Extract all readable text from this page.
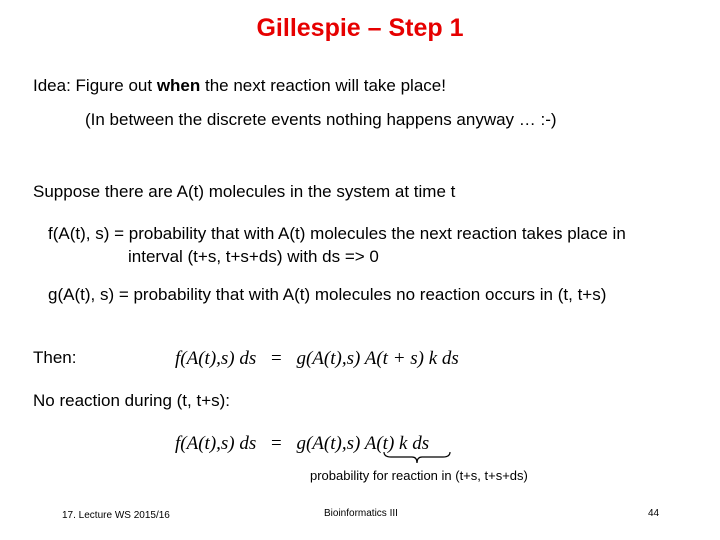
Gillespie – Step 1
Idea: Figure out when the next reaction will take place!
(In between the discrete events nothing happens anyway … :-)
Suppose there are A(t) molecules in the system at time t
f(A(t), s) = probability that with A(t) molecules the next reaction takes place in
interval (t+s, t+s+ds) with ds => 0
g(A(t), s) = probability that with A(t) molecules no reaction occurs in (t, t+s)
Then:	f(A(t),s) ds = g(A(t),s) A(t + s) k ds
No reaction during (t, t+s):
f(A(t),s) ds = g(A(t),s) A(t) k ds
probability for reaction in (t+s, t+s+ds)
17. Lecture WS 2015/16	Bioinformatics III	44
